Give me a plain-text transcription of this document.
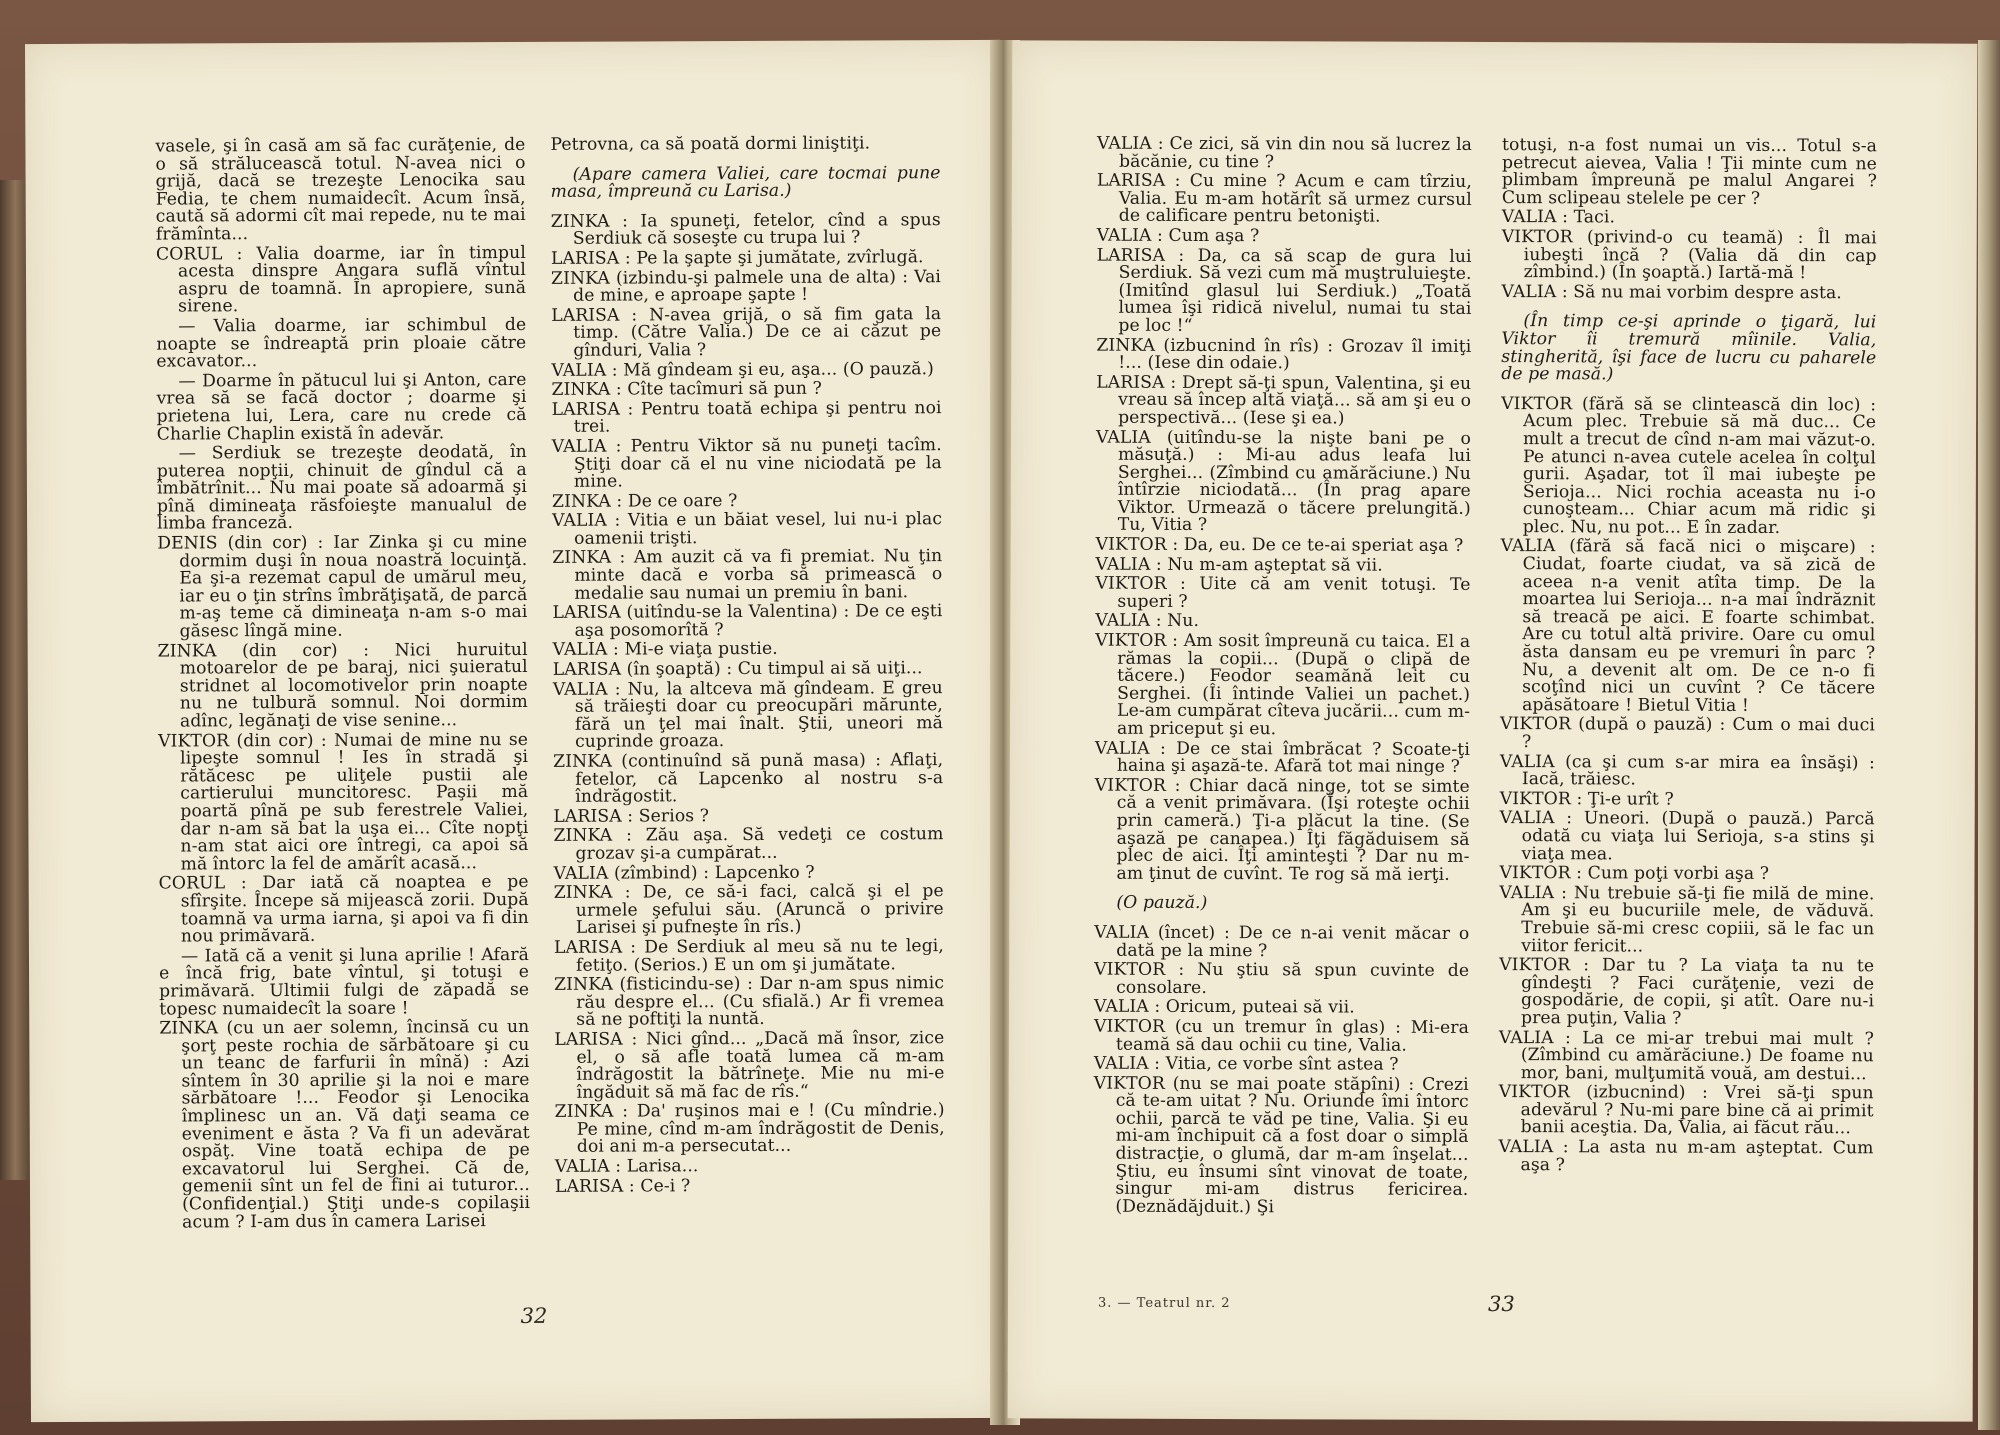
vasele, şi în casă am să fac curăţenie, de o să strălucească totul. N-avea nici o grijă, dacă se trezeşte Lenocika sau Fedia, te chem numaidecît. Acum însă, caută să adormi cît mai repede, nu te mai frămînta...

CORUL : Valia doarme, iar în timpul acesta dinspre Angara suflă vîntul aspru de toamnă. În apropiere, sună sirene.

— Valia doarme, iar schimbul de noapte se îndreaptă prin ploaie către excavator...

— Doarme în pătucul lui şi Anton, care vrea să se facă doctor ; doarme şi prietena lui, Lera, care nu crede că Charlie Chaplin există în adevăr.

— Serdiuk se trezeşte deodată, în puterea nopţii, chinuit de gîndul că a îmbătrînit... Nu mai poate să adoarmă şi pînă dimineaţa răsfoieşte manualul de limba franceză.

DENIS (din cor) : Iar Zinka şi cu mine dormim duşi în noua noastră locuinţă. Ea şi-a rezemat capul de umărul meu, iar eu o ţin strîns îmbrăţişată, de parcă m-aş teme că dimineaţa n-am s-o mai găsesc lîngă mine.

ZINKA (din cor) : Nici huruitul motoarelor de pe baraj, nici şuieratul stridnet al locomotivelor prin noapte nu ne tulbură somnul. Noi dormim adînc, legănaţi de vise senine...

VIKTOR (din cor) : Numai de mine nu se lipeşte somnul ! Ies în stradă şi rătăcesc pe uliţele pustii ale cartierului muncitoresc. Paşii mă poartă pînă pe sub ferestrele Valiei, dar n-am să bat la uşa ei... Cîte nopţi n-am stat aici ore întregi, ca apoi să mă întorc la fel de amărît acasă...

CORUL : Dar iată că noaptea e pe sfîrşite. Începe să mijească zorii. După toamnă va urma iarna, şi apoi va fi din nou primăvară.

— Iată că a venit şi luna aprilie ! Afară e încă frig, bate vîntul, şi totuşi e primăvară. Ultimii fulgi de zăpadă se topesc numaidecît la soare !

ZINKA (cu un aer solemn, încinsă cu un şorţ peste rochia de sărbătoare şi cu un teanc de farfurii în mînă) : Azi sîntem în 30 aprilie şi la noi e mare sărbătoare !... Feodor şi Lenocika împlinesc un an. Vă daţi seama ce eveniment e ăsta ? Va fi un adevărat ospăţ. Vine toată echipa de pe excavatorul lui Serghei. Că de, gemenii sînt un fel de fini ai tuturor... (Confidenţial.) Ştiţi unde-s copilaşii acum ? I-am dus în camera Larisei

Petrovna, ca să poată dormi liniştiţi.

(Apare camera Valiei, care tocmai pune masa, împreună cu Larisa.)

ZINKA : Ia spuneţi, fetelor, cînd a spus Serdiuk că soseşte cu trupa lui ?

LARISA : Pe la şapte şi jumătate, zvîrlugă.

ZINKA (izbindu-şi palmele una de alta) : Vai de mine, e aproape şapte !

LARISA : N-avea grijă, o să fim gata la timp. (Către Valia.) De ce ai căzut pe gînduri, Valia ?

VALIA : Mă gîndeam şi eu, aşa... (O pauză.)

ZINKA : Cîte tacîmuri să pun ?

LARISA : Pentru toată echipa şi pentru noi trei.

VALIA : Pentru Viktor să nu puneţi tacîm. Ştiţi doar că el nu vine niciodată pe la mine.

ZINKA : De ce oare ?

VALIA : Vitia e un băiat vesel, lui nu-i plac oamenii trişti.

ZINKA : Am auzit că va fi premiat. Nu ţin minte dacă e vorba să primească o medalie sau numai un premiu în bani.

LARISA (uitîndu-se la Valentina) : De ce eşti aşa posomorîtă ?

VALIA : Mi-e viaţa pustie.

LARISA (în şoaptă) : Cu timpul ai să uiţi...

VALIA : Nu, la altceva mă gîndeam. E greu să trăieşti doar cu preocupări mărunte, fără un ţel mai înalt. Ştii, uneori mă cuprinde groaza.

ZINKA (continuînd să pună masa) : Aflaţi, fetelor, că Lapcenko al nostru s-a îndrăgostit.

LARISA : Serios ?

ZINKA : Zău aşa. Să vedeţi ce costum grozav şi-a cumpărat...

VALIA (zîmbind) : Lapcenko ?

ZINKA : De, ce să-i faci, calcă şi el pe urmele şefului său. (Aruncă o privire Larisei şi pufneşte în rîs.)

LARISA : De Serdiuk al meu să nu te legi, fetiţo. (Serios.) E un om şi jumătate.

ZINKA (fisticindu-se) : Dar n-am spus nimic rău despre el... (Cu sfială.) Ar fi vremea să ne poftiţi la nuntă.

LARISA : Nici gînd... „Dacă mă însor, zice el, o să afle toată lumea că m-am îndrăgostit la bătrîneţe. Mie nu mi-e îngăduit să mă fac de rîs.“

ZINKA : Da' ruşinos mai e ! (Cu mîndrie.) Pe mine, cînd m-am îndrăgostit de Denis, doi ani m-a persecutat...

VALIA : Larisa...

LARISA : Ce-i ?

32

VALIA : Ce zici, să vin din nou să lucrez la băcănie, cu tine ?

LARISA : Cu mine ? Acum e cam tîrziu, Valia. Eu m-am hotărît să urmez cursul de calificare pentru betonişti.

VALIA : Cum aşa ?

LARISA : Da, ca să scap de gura lui Serdiuk. Să vezi cum mă muştruluieşte. (Imitînd glasul lui Serdiuk.) „Toată lumea îşi ridică nivelul, numai tu stai pe loc !“

ZINKA (izbucnind în rîs) : Grozav îl imiţi !... (Iese din odaie.)

LARISA : Drept să-ţi spun, Valentina, şi eu vreau să încep altă viaţă... să am şi eu o perspectivă... (Iese şi ea.)

VALIA (uitîndu-se la nişte bani pe o măsuţă.) : Mi-au adus leafa lui Serghei... (Zîmbind cu amărăciune.) Nu întîrzie niciodată... (În prag apare Viktor. Urmează o tăcere prelungită.) Tu, Vitia ?

VIKTOR : Da, eu. De ce te-ai speriat aşa ?

VALIA : Nu m-am aşteptat să vii.

VIKTOR : Uite că am venit totuşi. Te superi ?

VALIA : Nu.

VIKTOR : Am sosit împreună cu taica. El a rămas la copii... (După o clipă de tăcere.) Feodor seamănă leit cu Serghei. (Îi întinde Valiei un pachet.) Le-am cumpărat cîteva jucării... cum m-am priceput şi eu.

VALIA : De ce stai îmbrăcat ? Scoate-ţi haina şi aşază-te. Afară tot mai ninge ?

VIKTOR : Chiar dacă ninge, tot se simte că a venit primăvara. (Îşi roteşte ochii prin cameră.) Ţi-a plăcut la tine. (Se aşază pe canapea.) Îţi făgăduisem să plec de aici. Îţi aminteşti ? Dar nu m-am ţinut de cuvînt. Te rog să mă ierţi.

(O pauză.)

VALIA (încet) : De ce n-ai venit măcar o dată pe la mine ?

VIKTOR : Nu ştiu să spun cuvinte de consolare.

VALIA : Oricum, puteai să vii.

VIKTOR (cu un tremur în glas) : Mi-era teamă să dau ochii cu tine, Valia.

VALIA : Vitia, ce vorbe sînt astea ?

VIKTOR (nu se mai poate stăpîni) : Crezi că te-am uitat ? Nu. Oriunde îmi întorc ochii, parcă te văd pe tine, Valia. Şi eu mi-am închipuit că a fost doar o simplă distracţie, o glumă, dar m-am înşelat... Ştiu, eu însumi sînt vinovat de toate, singur mi-am distrus fericirea. (Deznădăjduit.) Şi

totuşi, n-a fost numai un vis... Totul s-a petrecut aievea, Valia ! Ţii minte cum ne plimbam împreună pe malul Angarei ? Cum sclipeau stelele pe cer ?

VALIA : Taci.

VIKTOR (privind-o cu teamă) : Îl mai iubeşti încă ? (Valia dă din cap zîmbind.) (În şoaptă.) Iartă-mă !

VALIA : Să nu mai vorbim despre asta.

(În timp ce-şi aprinde o ţigară, lui Viktor îi tremură mîinile. Valia, stingherită, îşi face de lucru cu paharele de pe masă.)

VIKTOR (fără să se clintească din loc) : Acum plec. Trebuie să mă duc... Ce mult a trecut de cînd n-am mai văzut-o. Pe atunci n-avea cutele acelea în colţul gurii. Aşadar, tot îl mai iubeşte pe Serioja... Nici rochia aceasta nu i-o cunoşteam... Chiar acum mă ridic şi plec. Nu, nu pot... E în zadar.

VALIA (fără să facă nici o mişcare) : Ciudat, foarte ciudat, va să zică de aceea n-a venit atîta timp. De la moartea lui Serioja... n-a mai îndrăznit să treacă pe aici. E foarte schimbat. Are cu totul altă privire. Oare cu omul ăsta dansam eu pe vremuri în parc ? Nu, a devenit alt om. De ce n-o fi scoţînd nici un cuvînt ? Ce tăcere apăsătoare ! Bietul Vitia !

VIKTOR (după o pauză) : Cum o mai duci ?

VALIA (ca şi cum s-ar mira ea însăşi) : Iacă, trăiesc.

VIKTOR : Ţi-e urît ?

VALIA : Uneori. (După o pauză.) Parcă odată cu viaţa lui Serioja, s-a stins şi viaţa mea.

VIKTOR : Cum poţi vorbi aşa ?

VALIA : Nu trebuie să-ţi fie milă de mine. Am şi eu bucuriile mele, de văduvă. Trebuie să-mi cresc copiii, să le fac un viitor fericit...

VIKTOR : Dar tu ? La viaţa ta nu te gîndeşti ? Faci curăţenie, vezi de gospodărie, de copii, şi atît. Oare nu-i prea puţin, Valia ?

VALIA : La ce mi-ar trebui mai mult ? (Zîmbind cu amărăciune.) De foame nu mor, bani, mulţumită vouă, am destui...

VIKTOR (izbucnind) : Vrei să-ţi spun adevărul ? Nu-mi pare bine că ai primit banii aceştia. Da, Valia, ai făcut rău...

VALIA : La asta nu m-am aşteptat. Cum aşa ?

3. — Teatrul nr. 2	33
